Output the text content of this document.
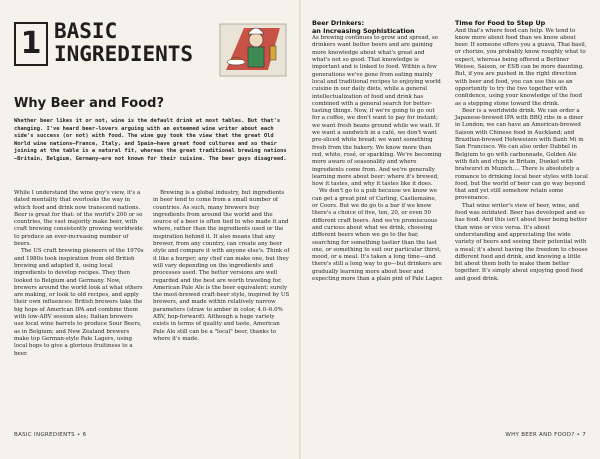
1 BASIC
INGREDIENTS
Why Beer and Food?
Whether beer likes it or not, wine is the default drink at most tables. But that's changing. I've heard beer-lovers arguing with an esteemed wine writer about each side's success (or not) with food. The wine guy took the view that the great Old World wine nations—France, Italy, and Spain—have great food cultures and so their joining at the table is a natural fit, whereas the great traditional brewing nations—Britain, Belgium, Germany—are not known for their cuisine. The beer guys disagreed.

While I understand the wine guy's view, it's a dated mentality that overlooks the way in which food and drink now transcend nations. Beer is great for that: of the world's 200 or so countries, the vast majority make beer, with craft brewing consistently growing worldwide to produce an ever-increasing number of beers.

The US craft brewing pioneers of the 1970s and 1980s took inspiration from old British brewing and adapted it, using local ingredients to develop recipes. They then looked to Belgium and Germany. Now, brewers around the world look at what others are making, or look to old recipes, and apply their own influences: British brewers take the big hops of American IPA and combine them with low-ABV session ales; Italian brewers use local wine barrels to produce Sour Beers, as in Belgium; and New Zealand brewers make top German-style Pale Lagers, using local hops to give a glorious fruitiness to a beer.

Brewing is a global industry, but ingredients in beer tend to come from a small number of countries. As such, many brewers buy ingredients from around the world and the source of a beer is often tied to who made it and where, rather than the ingredients used or the inspiration behind it. It also means that any brewer, from any country, can create any beer style and compare it with anyone else's. Think of it like a burger; any chef can make one, but they will vary depending on the ingredients and processes used. The better versions are well regarded and the best are worth traveling for. American Pale Ale is the beer equivalent: surely the most-brewed craft-beer style, inspired by US brewers, and made within relatively narrow parameters (straw to amber in color, 4.0–6.0% ABV, hop-forward). Although a huge variety exists in terms of quality and taste, American Pale Ale still can be a "local" beer, thanks to where it's made.

BASIC INGREDIENTS • 6
Beer Drinkers:
an Increasing Sophistication

As brewing continues to grow and spread, so drinkers want better beers and are gaining more knowledge about what's great and what's not so good. That knowledge is important and is linked to food. Within a few generations we've gone from eating mainly local and traditional recipes to enjoying world cuisine in our daily diets, while a general intellectualization of food and drink has combined with a general search for better-tasting things. Now, if we're going to go out for a coffee, we don't want to pay for instant; we want fresh beans ground while we wait. If we want a sandwich in a café, we don't want pre-sliced white bread; we want something fresh from the bakery. We know more than red, white, rosé, or sparkling. We're becoming more aware of seasonality and where ingredients come from. And we're generally learning more about beer: where it's brewed, how it tastes, and why it tastes like it does.

We don't go to a pub because we know we can get a great pint of Carling, Castlemaine, or Coors. But we do go to a bar if we know there's a choice of five, ten, 20, or even 50 different craft beers. And we're promiscuous and curious about what we drink, choosing different beers when we go to the bar, searching for something tastier than the last one, or something to suit our particular thirst, mood, or a meal. It's taken a long time—and there's still a long way to go—but drinkers are gradually learning more about beer and expecting more than a plain pint of Pale Lager.

Time for Food to Step Up

And that's where food can help. We tend to know more about food than we know about beer. If someone offers you a guava, Thai basil, or chorizo, you probably know roughly what to expect, whereas being offered a Berliner Weisse, Saison, or ESB can be more daunting. But, if you are pushed in the right direction with beer and food, you can use this as an opportunity to try the two together with confidence, using your knowledge of the food as a stepping stone toward the drink.

Beer is a worldwide drink. We can order a Japanese-brewed IPA with BBQ ribs in a diner in London; we can have an American-brewed Saison with Chinese food in Auckland; and Brazilian-brewed Hefeweizen with Banh Mi in San Francisco. We can also order Dubbel in Belgium to go with carbonnade, Golden Ale with fish and chips in Britain, Dunkel with bratwurst in Munich…. There is absolutely a romance to drinking local beer styles with local food, but the world of beer can go way beyond that and yet still somehow retain some provenance.

That wine writer's view of beer, wine, and food was outdated. Beer has developed and so has food. And this isn't about beer being better than wine or vice versa. It's about understanding and appreciating the wide variety of beers and seeing their potential with a meal; it's about having the freedom to choose different food and drink, and knowing a little bit about them both to make them better together. It's simply about enjoying good food and good drink.

WHY BEER AND FOOD? • 7
